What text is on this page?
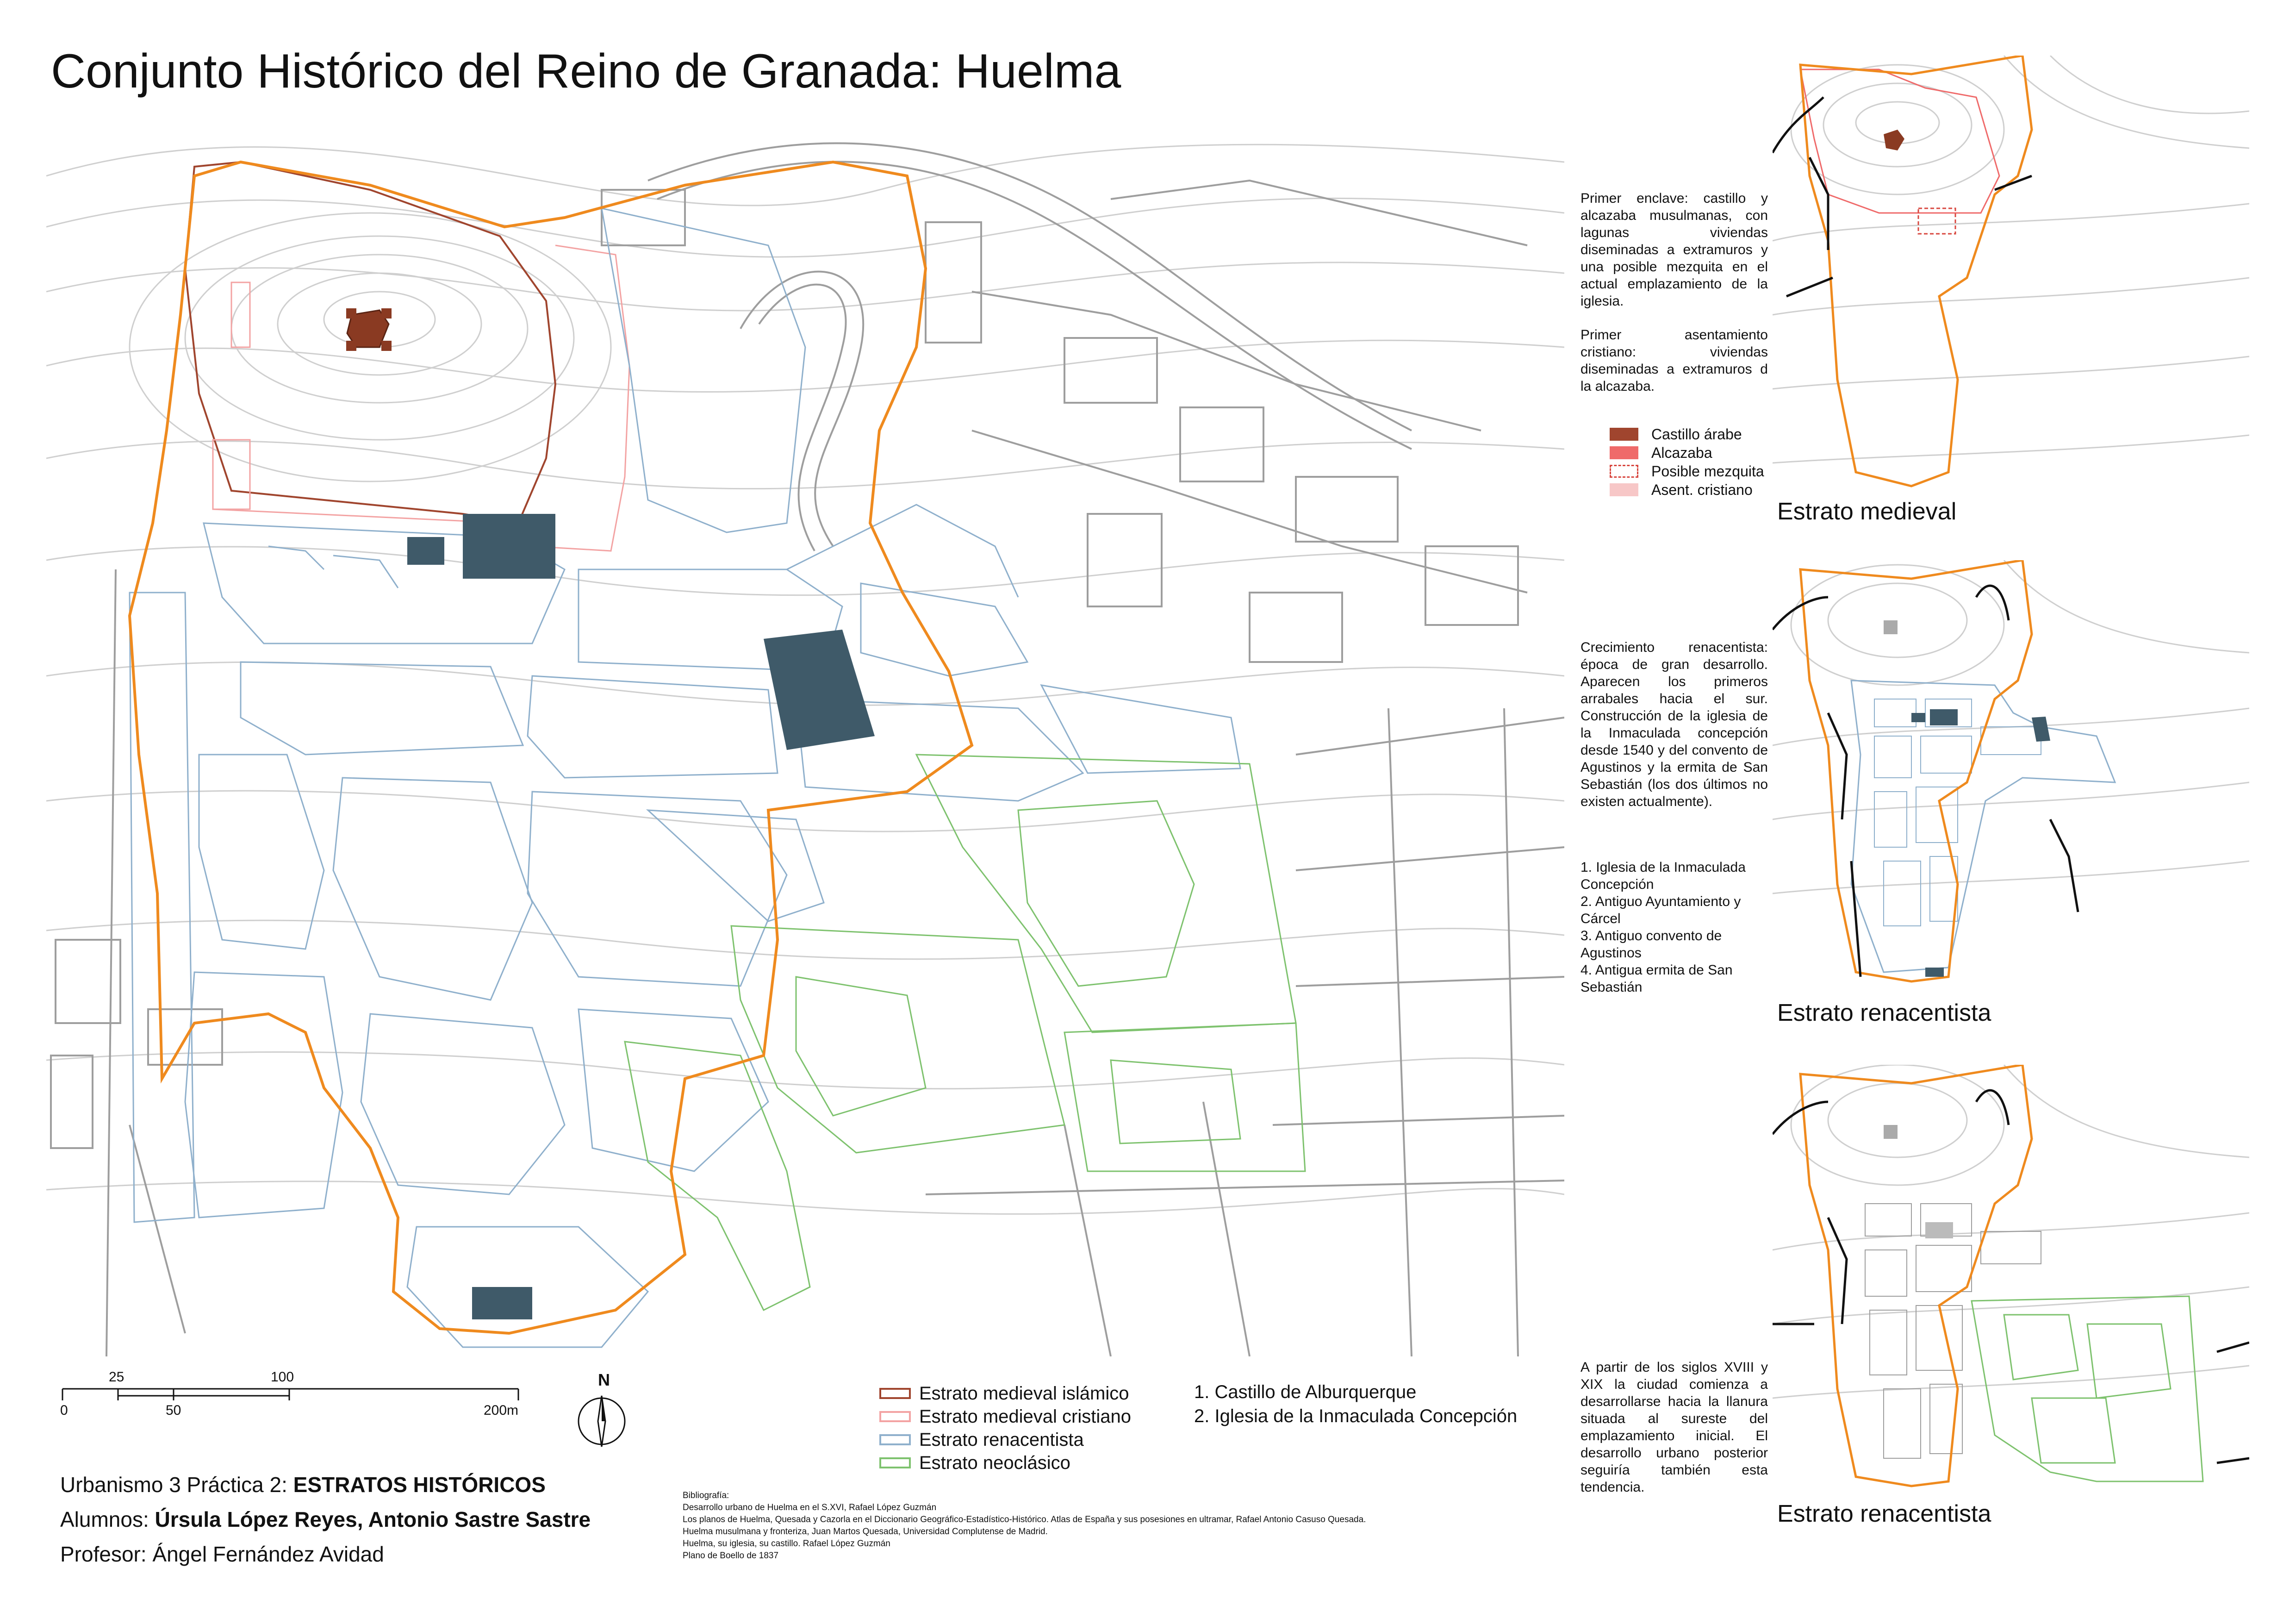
Conjunto Histórico del Reino de Granada: Huelma
25	100
0	50	200m
N
Estrato medieval islámico
Estrato medieval cristiano
Estrato renacentista
Estrato neoclásico
1. Castillo de Alburquerque
2. Iglesia de la Inmaculada Concepción
Urbanismo 3 Práctica 2: ESTRATOS HISTÓRICOS
Alumnos: Úrsula López Reyes, Antonio Sastre Sastre
Profesor: Ángel Fernández Avidad
Bibliografía:
Desarrollo urbano de Huelma en el S.XVI, Rafael López Guzmán
Los planos de Huelma, Quesada y Cazorla en el Diccionario Geográfico-Estadístico-Histórico. Atlas de España y sus posesiones en ultramar, Rafael Antonio Casuso Quesada.
Huelma musulmana y fronteriza, Juan Martos Quesada, Universidad Complutense de Madrid.
Huelma, su iglesia, su castillo. Rafael López Guzmán
Plano de Boello de 1837

Primer enclave: castillo y alcazaba musulmanas, con lagunas viviendas diseminadas a extramuros y una posible mezquita en el actual emplazamiento de la iglesia.

Primer asentamiento cristiano: viviendas diseminadas a extramuros d la alcazaba.

Castillo árabe
Alcazaba
Posible mezquita
Asent. cristiano
Estrato medieval

Crecimiento renacentista: época de gran desarrollo. Aparecen los primeros arrabales hacia el sur. Construcción de la iglesia de la Inmaculada concepción desde 1540 y del convento de Agustinos y la ermita de San Sebastián (los dos últimos no existen actualmente).

1. Iglesia de la Inmaculada Concepción
2. Antiguo Ayuntamiento y Cárcel
3. Antiguo convento de Agustinos
4. Antigua ermita de San Sebastián
Estrato renacentista

A partir de los siglos XVIII y XIX la ciudad comienza a desarrollarse hacia la llanura situada al sureste del emplazamiento inicial. El desarrollo urbano posterior seguiría también esta tendencia.

Estrato renacentista
